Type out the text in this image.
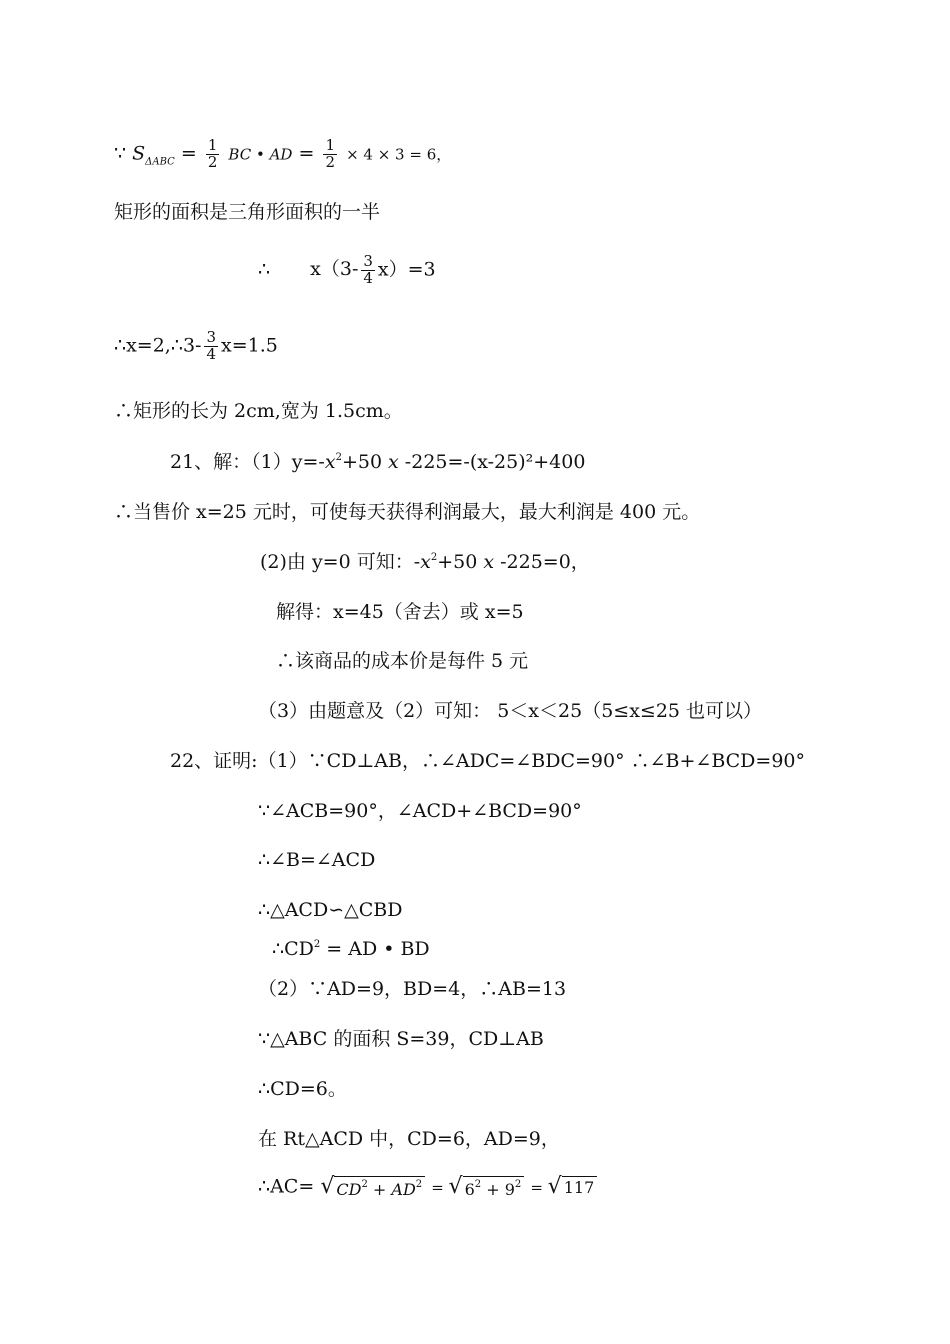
∵ $S_{\Delta ABC} = \frac{1}{2}$ BC • AD = $\frac{1}{2} \times 4 \times 3 = 6$，
矩形的面积是三角形面积的一半
∴ $x(3- \frac{3}{4} x)=3$
∴x=2,∴3- $\frac{3}{4} x=1.5$
∴矩形的长为 2cm,宽为 1.5cm。
21、解：$(1)y=-x^2+50$ x -225=-(x-25)²+400
∴当售价 x=25 元时，可使每天获得利润最大，最大利润是 400 元。
(2)由 y=0 可知：$-x^2+50$ x -225=0，
解得：x=45（舍去）或 x=5
∴该商品的成本价是每件 5 元
（3）由题意及（2）可知： 5＜x＜25（5≤x≤25 也可以）
22、证明:（1）∵CD⊥AB，∴∠ADC=∠BDC=90° ∴∠B+∠BCD=90°
∵∠ACB=90°，∠ACD+∠BCD=90°
∴∠B=∠ACD
∴△ACD∽△CBD
$\therefore CD^2$ = AD • BD
（2）∵AD=9，BD=4，∴AB=13
∵△ABC 的面积 S=39，CD⊥AB
∴CD=6。
在 Rt△ACD 中，CD=6，AD=9，
∴AC= √ $CD^2 + AD^2$ = √ $6^2 + 9^2$ = √ 117
